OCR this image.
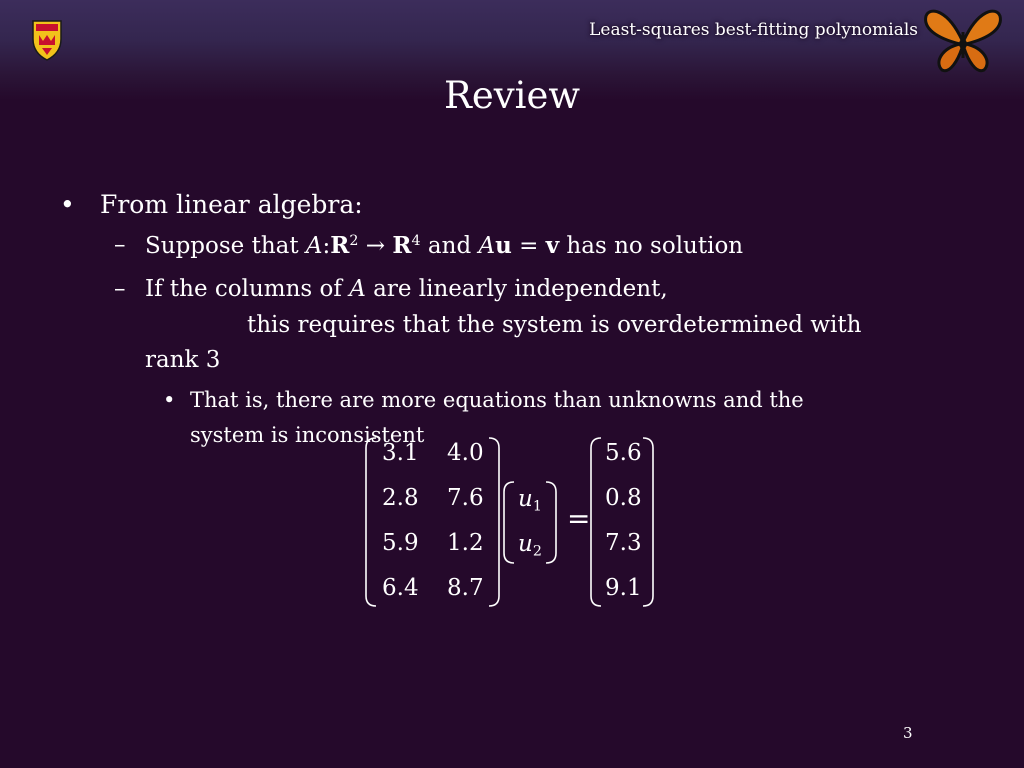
Least-squares best-fitting polynomials
Review
• From linear algebra:
– Suppose that $A:R^2 \to R^4$ and Au = v has no solution
– If the columns of A are linearly independent,
this requires that the system is overdetermined with
rank 3
• That is, there are more equations than unknowns and the
system is inconsistent
3.1 4.0
2.8 7.6
5.9 1.2
6.4 8.7
$u_1$
$u_2$
=
5.6
0.8
7.3
9.1
3
